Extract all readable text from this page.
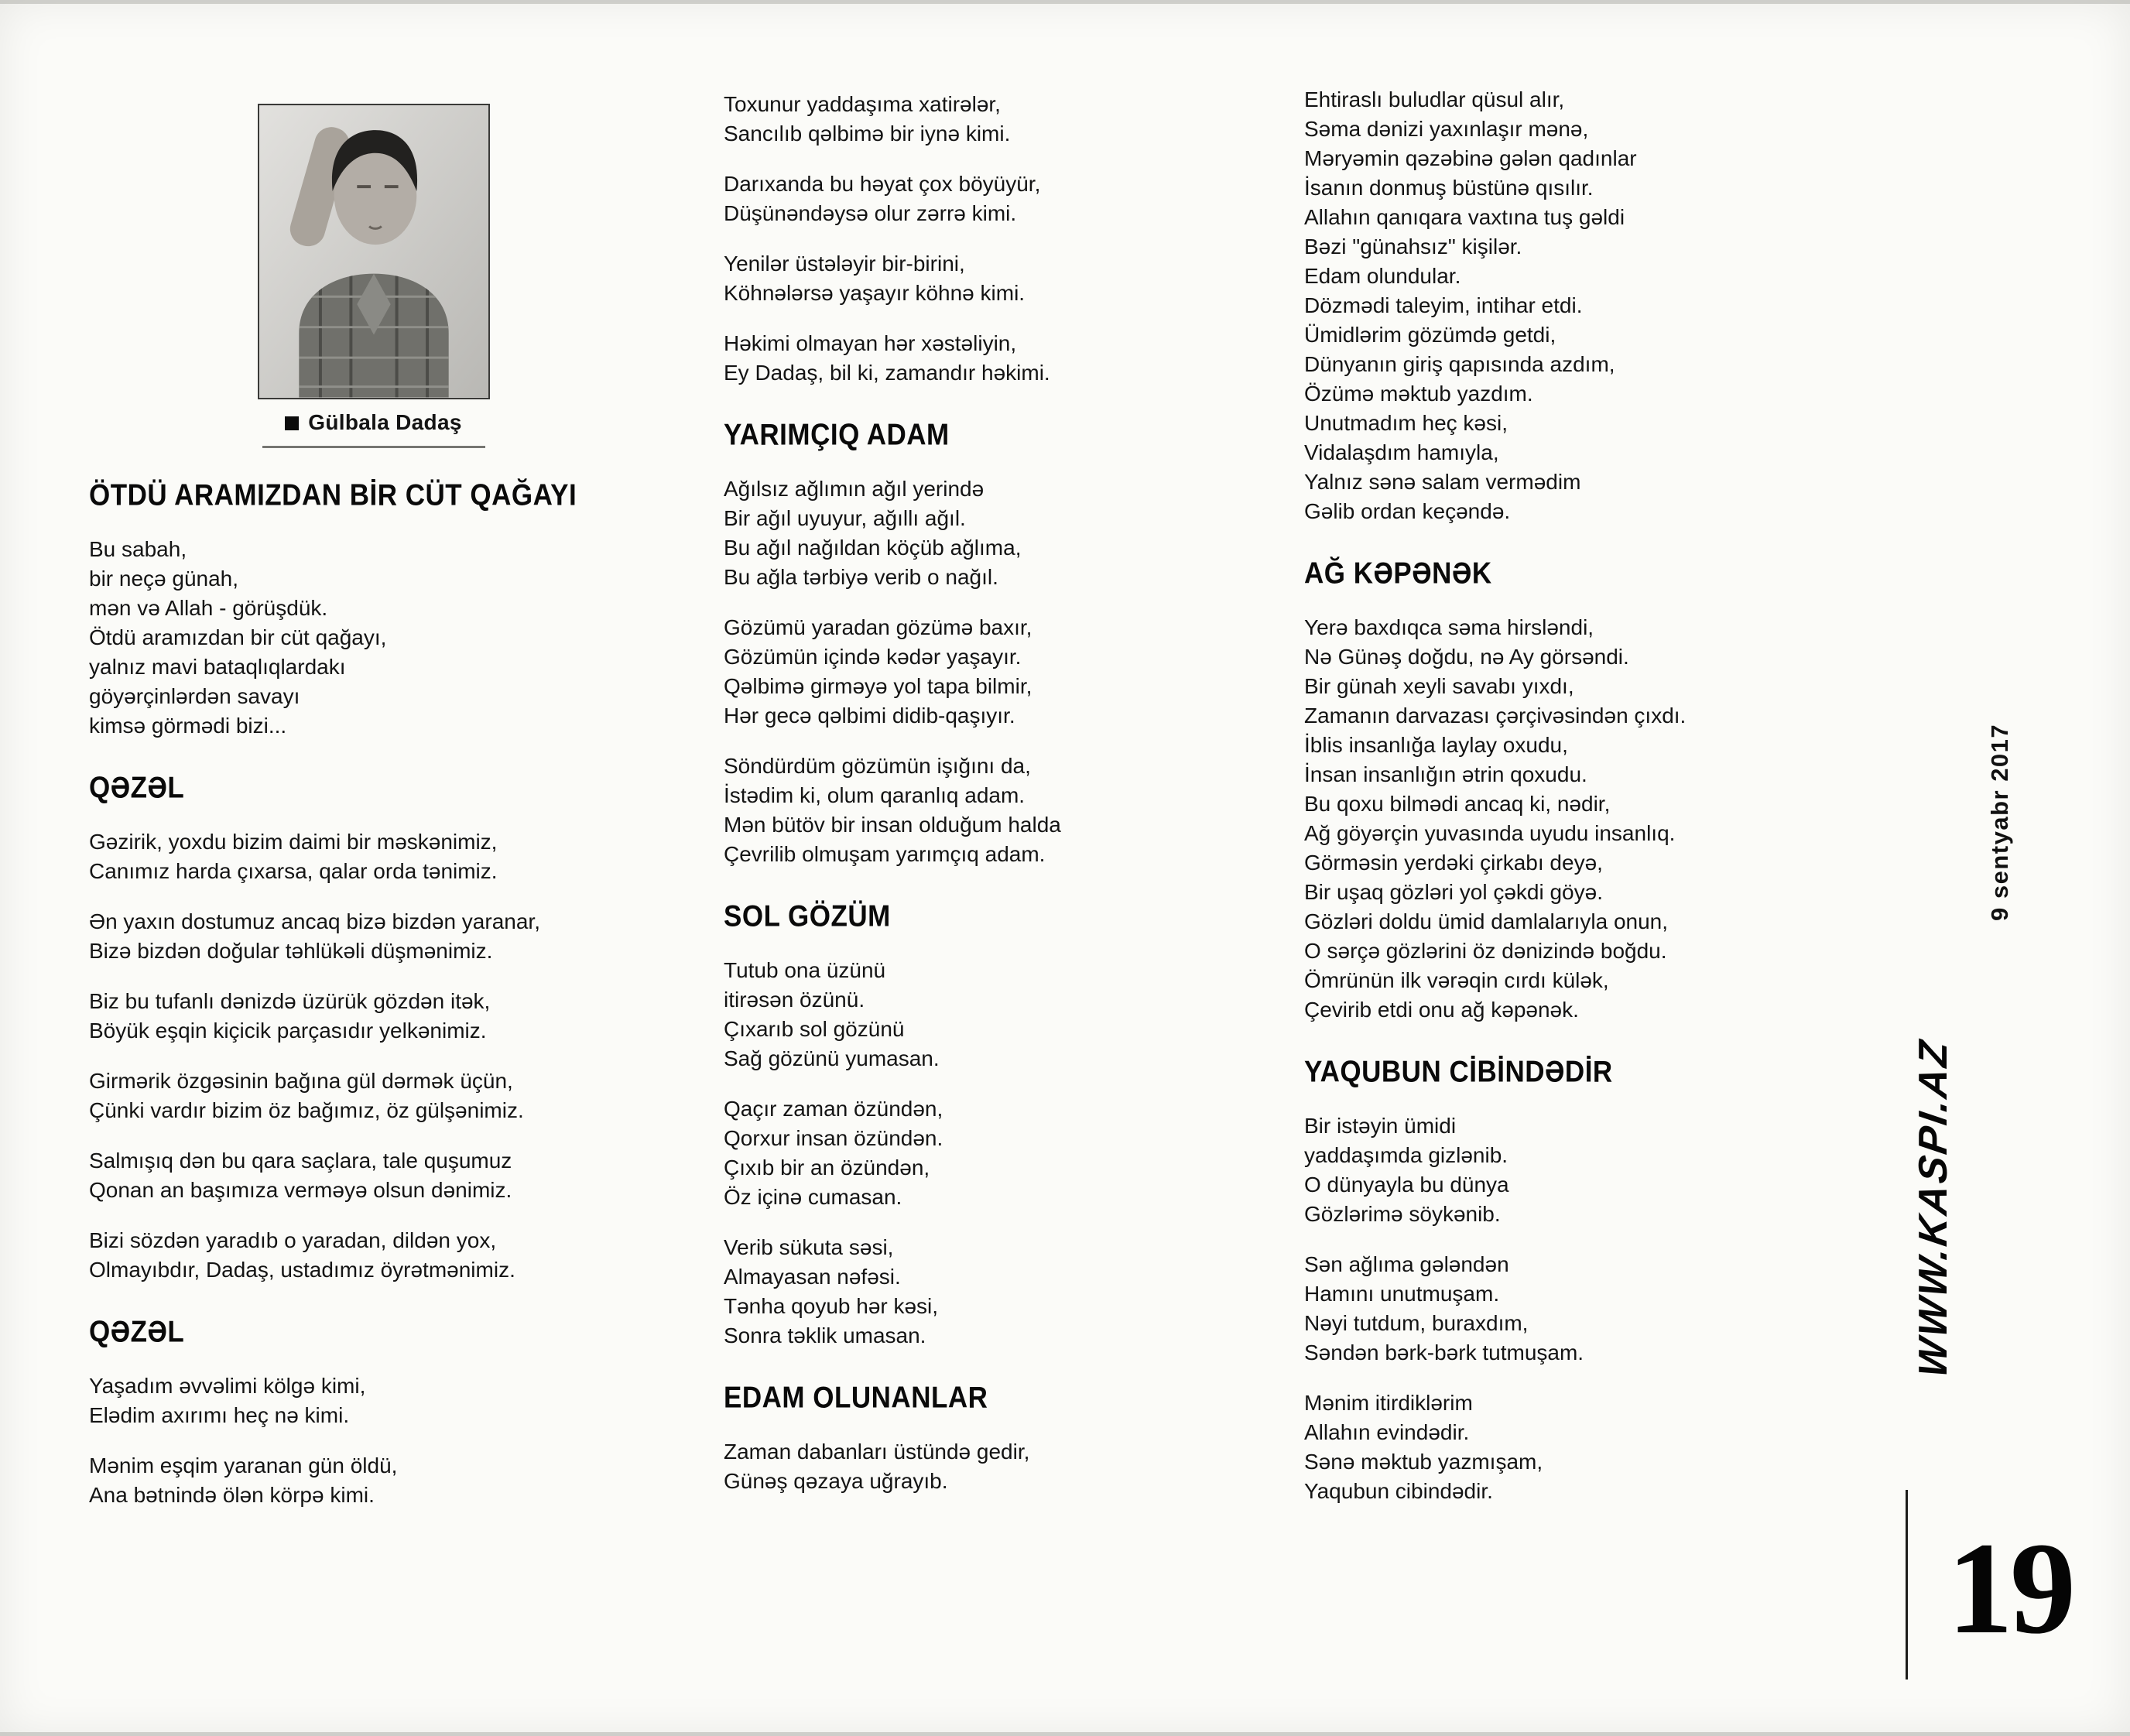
Gülbala Dadaş
ÖTDÜ ARAMIZDAN BİR CÜT QAĞAYI
Bu sabah,
bir neçə günah,
mən və Allah - görüşdük.
Ötdü aramızdan bir cüt qağayı,
yalnız mavi bataqlıqlardakı
göyərçinlərdən savayı
kimsə görmədi bizi...
QƏZƏL
Gəzirik, yoxdu bizim daimi bir məskənimiz,
Canımız harda çıxarsa, qalar orda tənimiz.
Ən yaxın dostumuz ancaq bizə bizdən yaranar,
Bizə bizdən doğular təhlükəli düşmənimiz.
Biz bu tufanlı dənizdə üzürük gözdən itək,
Böyük eşqin kiçicik parçasıdır yelkənimiz.
Girmərik özgəsinin bağına gül dərmək üçün,
Çünki vardır bizim öz bağımız, öz gülşənimiz.
Salmışıq dən bu qara saçlara, tale quşumuz
Qonan an başımıza verməyə olsun dənimiz.
Bizi sözdən yaradıb o yaradan, dildən yox,
Olmayıbdır, Dadaş, ustadımız öyrətmənimiz.
QƏZƏL
Yaşadım əvvəlimi kölgə kimi,
Elədim axırımı heç nə kimi.
Mənim eşqim yaranan gün öldü,
Ana bətnində ölən körpə kimi.
Toxunur yaddaşıma xatirələr,
Sancılıb qəlbimə bir iynə kimi.
Darıxanda bu həyat çox böyüyür,
Düşünəndəysə olur zərrə kimi.
Yenilər üstələyir bir-birini,
Köhnələrsə yaşayır köhnə kimi.
Həkimi olmayan hər xəstəliyin,
Ey Dadaş, bil ki, zamandır həkimi.
YARIMÇIQ ADAM
Ağılsız ağlımın ağıl yerində
Bir ağıl uyuyur, ağıllı ağıl.
Bu ağıl nağıldan köçüb ağlıma,
Bu ağla tərbiyə verib o nağıl.
Gözümü yaradan gözümə baxır,
Gözümün içində kədər yaşayır.
Qəlbimə girməyə yol tapa bilmir,
Hər gecə qəlbimi didib-qaşıyır.
Söndürdüm gözümün işığını da,
İstədim ki, olum qaranlıq adam.
Mən bütöv bir insan olduğum halda
Çevrilib olmuşam yarımçıq adam.
SOL GÖZÜM
Tutub ona üzünü
itirəsən özünü.
Çıxarıb sol gözünü
Sağ gözünü yumasan.
Qaçır zaman özündən,
Qorxur insan özündən.
Çıxıb bir an özündən,
Öz içinə cumasan.
Verib sükuta səsi,
Almayasan nəfəsi.
Tənha qoyub hər kəsi,
Sonra təklik umasan.
EDAM OLUNANLAR
Zaman dabanları üstündə gedir,
Günəş qəzaya uğrayıb.
Ehtiraslı buludlar qüsul alır,
Səma dənizi yaxınlaşır mənə,
Məryəmin qəzəbinə gələn qadınlar
İsanın donmuş büstünə qısılır.
Allahın qanıqara vaxtına tuş gəldi
Bəzi "günahsız" kişilər.
Edam olundular.
Dözmədi taleyim, intihar etdi.
Ümidlərim gözümdə getdi,
Dünyanın giriş qapısında azdım,
Özümə məktub yazdım.
Unutmadım heç kəsi,
Vidalaşdım hamıyla,
Yalnız sənə salam vermədim
Gəlib ordan keçəndə.
AĞ KƏPƏNƏK
Yerə baxdıqca səma hirsləndi,
Nə Günəş doğdu, nə Ay görsəndi.
Bir günah xeyli savabı yıxdı,
Zamanın darvazası çərçivəsindən çıxdı.
İblis insanlığa laylay oxudu,
İnsan insanlığın ətrin qoxudu.
Bu qoxu bilmədi ancaq ki, nədir,
Ağ göyərçin yuvasında uyudu insanlıq.
Görməsin yerdəki çirkabı deyə,
Bir uşaq gözləri yol çəkdi göyə.
Gözləri doldu ümid damlalarıyla onun,
O sərçə gözlərini öz dənizində boğdu.
Ömrünün ilk vərəqin cırdı külək,
Çevirib etdi onu ağ kəpənək.
YAQUBUN CİBİNDƏDİR
Bir istəyin ümidi
yaddaşımda gizlənib.
O dünyayla bu dünya
Gözlərimə söykənib.
Sən ağlıma gələndən
Hamını unutmuşam.
Nəyi tutdum, buraxdım,
Səndən bərk-bərk tutmuşam.
Mənim itirdiklərim
Allahın evindədir.
Sənə məktub yazmışam,
Yaqubun cibindədir.
9 sentyabr 2017
WWW.KASPI.AZ
19
